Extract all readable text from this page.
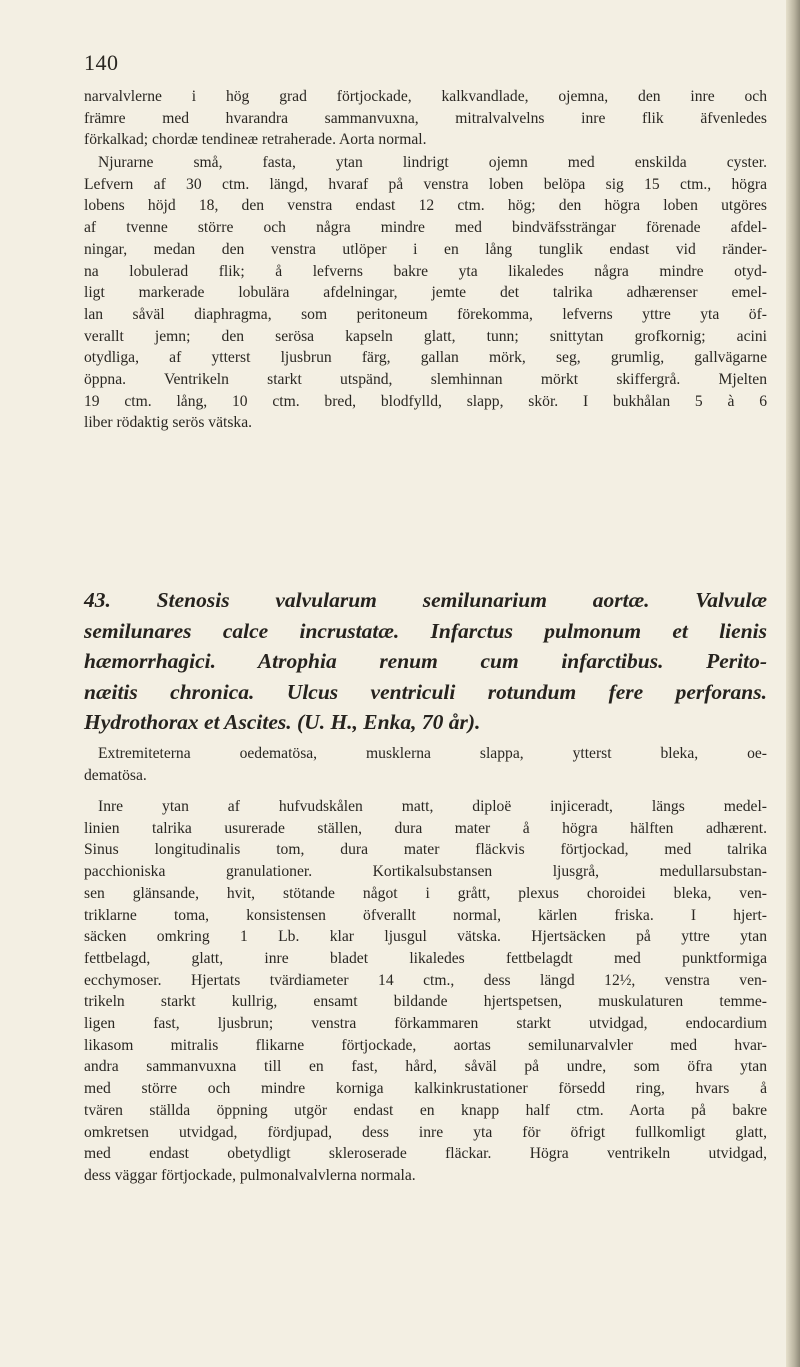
140
narvalvlerne i hög grad förtjockade, kalkvandlade, ojemna, den inre och
främre med hvarandra sammanvuxna, mitralvalvelns inre flik äfvenledes
förkalkad; chordæ tendineæ retraherade. Aorta normal.
Njurarne små, fasta, ytan lindrigt ojemn med enskilda cyster.
Lefvern af 30 ctm. längd, hvaraf på venstra loben belöpa sig 15 ctm., högra
lobens höjd 18, den venstra endast 12 ctm. hög; den högra loben utgöres
af tvenne större och några mindre med bindväfssträngar förenade afdel-
ningar, medan den venstra utlöper i en lång tunglik endast vid ränder-
na lobulerad flik; å lefverns bakre yta likaledes några mindre otyd-
ligt markerade lobulära afdelningar, jemte det talrika adhærenser emel-
lan såväl diaphragma, som peritoneum förekomma, lefverns yttre yta öf-
verallt jemn; den serösa kapseln glatt, tunn; snittytan grofkornig; acini
otydliga, af ytterst ljusbrun färg, gallan mörk, seg, grumlig, gallvägarne
öppna. Ventrikeln starkt utspänd, slemhinnan mörkt skiffergrå. Mjelten
19 ctm. lång, 10 ctm. bred, blodfylld, slapp, skör. I bukhålan 5 à 6
liber rödaktig serös vätska.
43. Stenosis valvularum semilunarium aortæ. Valvulæ
semilunares calce incrustatæ. Infarctus pulmonum et lienis
hæmorrhagici. Atrophia renum cum infarctibus. Perito-
næitis chronica. Ulcus ventriculi rotundum fere perforans.
Hydrothorax et Ascites. (U. H., Enka, 70 år).
Extremiteterna oedematösa, musklerna slappa, ytterst bleka, oe-
dematösa.
Inre ytan af hufvudskålen matt, diploë injiceradt, längs medel-
linien talrika usurerade ställen, dura mater å högra hälften adhærent.
Sinus longitudinalis tom, dura mater fläckvis förtjockad, med talrika
pacchioniska granulationer. Kortikalsubstansen ljusgrå, medullarsubstan-
sen glänsande, hvit, stötande något i grått, plexus choroidei bleka, ven-
triklarne toma, konsistensen öfverallt normal, kärlen friska. I hjert-
säcken omkring 1 Lb. klar ljusgul vätska. Hjertsäcken på yttre ytan
fettbelagd, glatt, inre bladet likaledes fettbelagdt med punktformiga
ecchymoser. Hjertats tvärdiameter 14 ctm., dess längd 12½, venstra ven-
trikeln starkt kullrig, ensamt bildande hjertspetsen, muskulaturen temme-
ligen fast, ljusbrun; venstra förkammaren starkt utvidgad, endocardium
likasom mitralis flikarne förtjockade, aortas semilunarvalvler med hvar-
andra sammanvuxna till en fast, hård, såväl på undre, som öfra ytan
med större och mindre korniga kalkinkrustationer försedd ring, hvars å
tvären ställda öppning utgör endast en knapp half ctm. Aorta på bakre
omkretsen utvidgad, fördjupad, dess inre yta för öfrigt fullkomligt glatt,
med endast obetydligt skleroserade fläckar. Högra ventrikeln utvidgad,
dess väggar förtjockade, pulmonalvalvlerna normala.
